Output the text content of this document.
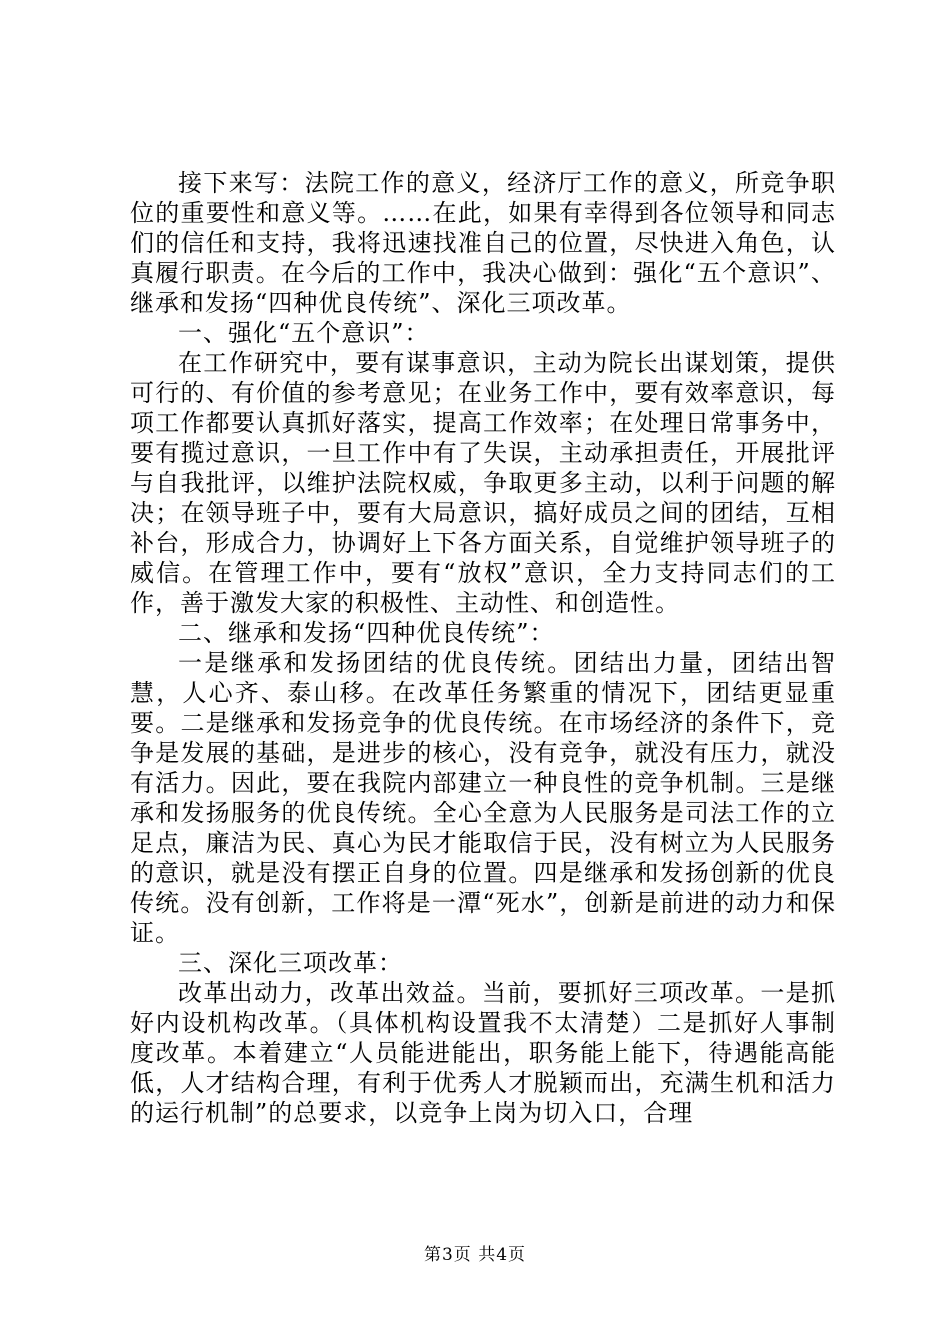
接下来写：法院工作的意义，经济厅工作的意义，所竞争职位的重要性和意义等。……在此，如果有幸得到各位领导和同志们的信任和支持，我将迅速找准自己的位置，尽快进入角色，认真履行职责。在今后的工作中，我决心做到：强化“五个意识”、继承和发扬“四种优良传统”、深化三项改革。

一、强化“五个意识”：

在工作研究中，要有谋事意识，主动为院长出谋划策，提供可行的、有价值的参考意见；在业务工作中，要有效率意识，每项工作都要认真抓好落实，提高工作效率；在处理日常事务中，要有揽过意识，一旦工作中有了失误，主动承担责任，开展批评与自我批评，以维护法院权威，争取更多主动，以利于问题的解决；在领导班子中，要有大局意识，搞好成员之间的团结，互相补台，形成合力，协调好上下各方面关系，自觉维护领导班子的威信。在管理工作中，要有“放权”意识，全力支持同志们的工作，善于激发大家的积极性、主动性、和创造性。

二、继承和发扬“四种优良传统”：

一是继承和发扬团结的优良传统。团结出力量，团结出智慧，人心齐、泰山移。在改革任务繁重的情况下，团结更显重要。二是继承和发扬竞争的优良传统。在市场经济的条件下，竞争是发展的基础，是进步的核心，没有竞争，就没有压力，就没有活力。因此，要在我院内部建立一种良性的竞争机制。三是继承和发扬服务的优良传统。全心全意为人民服务是司法工作的立足点，廉洁为民、真心为民才能取信于民，没有树立为人民服务的意识，就是没有摆正自身的位置。四是继承和发扬创新的优良传统。没有创新，工作将是一潭“死水”，创新是前进的动力和保证。

三、深化三项改革：

改革出动力，改革出效益。当前，要抓好三项改革。一是抓好内设机构改革。（具体机构设置我不太清楚）二是抓好人事制度改革。本着建立“人员能进能出，职务能上能下，待遇能高能低，人才结构合理，有利于优秀人才脱颖而出，充满生机和活力的运行机制”的总要求，以竞争上岗为切入口，合理

第3页 共4页
